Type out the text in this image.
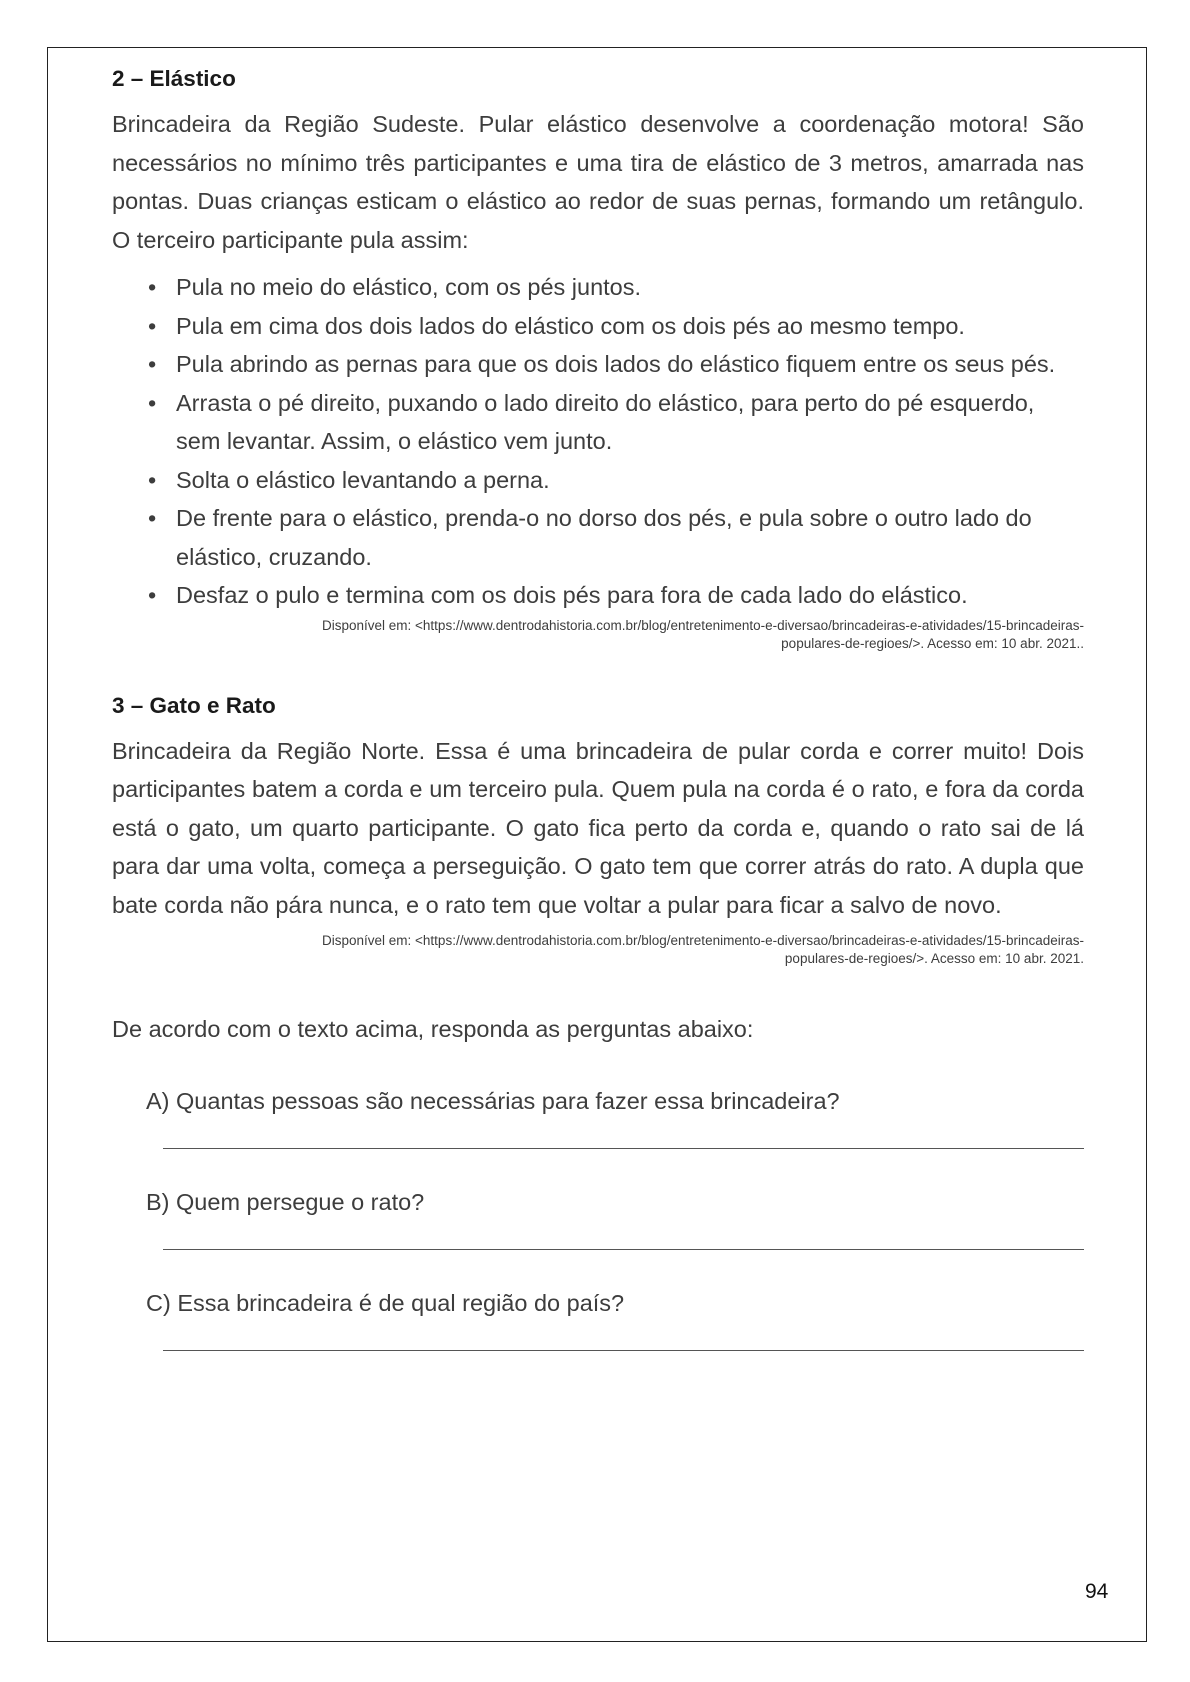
2 – Elástico

Brincadeira da Região Sudeste. Pular elástico desenvolve a coordenação motora! São necessários no mínimo três participantes e uma tira de elástico de 3 metros, amarrada nas pontas. Duas crianças esticam o elástico ao redor de suas pernas, formando um retângulo. O terceiro participante pula assim:

• Pula no meio do elástico, com os pés juntos.
• Pula em cima dos dois lados do elástico com os dois pés ao mesmo tempo.
• Pula abrindo as pernas para que os dois lados do elástico fiquem entre os seus pés.
• Arrasta o pé direito, puxando o lado direito do elástico, para perto do pé esquerdo, sem levantar. Assim, o elástico vem junto.
• Solta o elástico levantando a perna.
• De frente para o elástico, prenda-o no dorso dos pés, e pula sobre o outro lado do elástico, cruzando.
• Desfaz o pulo e termina com os dois pés para fora de cada lado do elástico.

Disponível em: <https://www.dentrodahistoria.com.br/blog/entretenimento-e-diversao/brincadeiras-e-atividades/15-brincadeiras-
populares-de-regioes/>. Acesso em: 10 abr. 2021..

3 – Gato e Rato

Brincadeira da Região Norte. Essa é uma brincadeira de pular corda e correr muito! Dois participantes batem a corda e um terceiro pula. Quem pula na corda é o rato, e fora da corda está o gato, um quarto participante. O gato fica perto da corda e, quando o rato sai de lá para dar uma volta, começa a perseguição. O gato tem que correr atrás do rato. A dupla que bate corda não pára nunca, e o rato tem que voltar a pular para ficar a salvo de novo.

Disponível em: <https://www.dentrodahistoria.com.br/blog/entretenimento-e-diversao/brincadeiras-e-atividades/15-brincadeiras-
populares-de-regioes/>. Acesso em: 10 abr. 2021.

De acordo com o texto acima, responda as perguntas abaixo:

A) Quantas pessoas são necessárias para fazer essa brincadeira?
B) Quem persegue o rato?
C) Essa brincadeira é de qual região do país?
94
